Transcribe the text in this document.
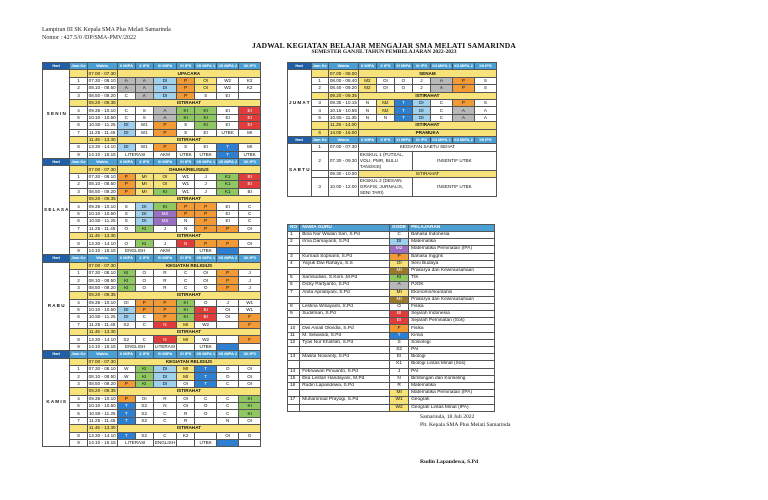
Lampiran III SK Kepala SMA Plus Melati Samarinda
Nomor : 427.5/0 /DP/SMA-PMV/2022
JADWAL KEGIATAN BELAJAR MENGAJAR SMA MELATI SAMARINDA
SEMESTER GANJIL TAHUN PEMBELAJARAN 2022-2023
Hari	Jam Ke	Waktu	X MIPA	X IPS	XI MIPA	XI IPS	XII MIPA 1	XII MIPA 2	XII IPS
S E N I N		07.00 - 07.30	UPACARA						
	1	07.30 - 08.10	A	A	DI	P	OI	W2	K2
	2	08.10 - 08.50	A	A	DI	P	OI	W2	K2
	3	08.50 - 09.20	C	A	DI	P	S	EI	
		09.20 - 09.35	ISTIRAHAT						
	4	09.35 - 10.10	C	S	A	KI	KI	EI	EI
	5	10.10 - 10.50	C	S	A	KI	KI	EI	EI
	6	10.50 - 11.25	DI	W1	P	S	KI	EI	EI
	7	11.25 - 11.45	DI	W1	P	S	EI	UTBK	MI
		11.45 - 13.30	ISTIRAHAT						
	8	13.30 - 14.10	DI	W1	P	S	EI	T	MI
	9	14.10 - 15.15	LITERASI		AKM	UTBK	UTBK	T	UTBK
Hari	Jam Ke	Waktu	X MIPA	X IPS	XI MIPA	XI IPS	XII MIPA 1	XII MIPA 2	XII IPS
S E L A S A		07.00 - 07.30	DHUHA/RELIGIUS						
	1	07.30 - 08.10	P	MI	OI	W1	J	K1	BI
	2	08.10 - 08.50	P	MI	OI	W1	J	K1	BI
	3	08.50 - 09.20	P	MI	KI	W1	J	K1	BI
		09.20 - 09.35	ISTIRAHAT						
	4	09.35 - 10.10	S	DI	KI	P	P	EI	C
	5	10.10 - 10.50	S	DI	M2	P	P	EI	C
	6	10.50 - 11.25	S	DI	M2	N	P	EI	C
	7	11.25 - 11.45	O	KI	J	N	P	P	OI
		11.45 - 13.30	ISTIRAHAT						
	8	13.30 - 14.10	O	KI	J	N	P	P	OI
	9	14.10 - 15.15	ENGLISH		AKM		UTBK		
Hari	Jam Ke	Waktu	X MIPA	X IPS	XI MIPA	XI IPS	XII MIPA 1	XII MIPA 2	XII IPS
R A B U		07.00 - 07.30	KEGIATAN RELIGIUS						
	1	07.30 - 08.10	KI	O	R	C	OI	P	J
	2	08.10 - 08.50	KI	O	R	C	OI	P	J
	3	08.50 - 09.20	KI	O	R	C	O	P	J
		09.20 - 09.35	ISTIRAHAT						
	4	09.35 - 10.10	OI	P	P	KI	O	J	W1
	5	10.10 - 10.50	DI	P	P	KI	BI	OI	W1
	6	10.50 - 11.25	DI	C	P	KI	BI	OI	F
	7	11.25 - 11.45	S2	C	N	MI	W2		F
		11.45 - 13.30	ISTIRAHAT						
	8	13.30 - 14.10	S2	C	N	MI	W2		F
	9	14.10 - 15.15	ENGLISH		LITERASI		UTBK		
Hari	Jam Ke	Waktu	X MIPA	X IPS	XI MIPA	XI IPS	XII MIPA 1	XII MIPA 2	XII IPS
K A M I S		07.00 - 07.30	KEGIATAN RELIGIUS						
	1	07.30 - 08.10	W	KI	DI	MI	T	O	OI
	2	08.10 - 08.50	W	KI	DI	MI	T	O	OI
	3	08.50 - 09.20	P	KI	DI	OI	T	C	OI
		09.20 - 09.35	ISTIRAHAT						
	4	09.35 - 10.10	P	OI	R	OI	C	C	KI
	5	10.10 - 10.50	T	S2	N	OI	O	C	KI
	6	10.50 - 11.25	T	S2	C	R	O	C	KI
	7	11.25 - 11.45	T	S2	C	R		N	OI
		11.45 - 13.30	ISTIRAHAT						
	8	13.30 - 14.10	T	S2	C	K2		OI	O
	9	14.10 - 15.15	LITERASI		ENGLISH		UTBK		
Hari	Jam Ke	Waktu	X MIPA	X IPS	XI MIPA	XI IPS	XII MIPA 1	XII MIPA 2	XII IPS
J U M A T		07.00 - 08.00	SENAM						
	1	08.00 - 08.40	M2	OI	O	J	A	P	S
	2	08.40 - 09.20	M2	OI	O	J	A	P	S
		09.20 - 09.35	ISTIRAHAT						
	3	09.35 - 10.15	N	M2	T	DI	C	P	S
	4	10.15 - 10.55	N	M2	T	DI	C	A	A
	5	10.55 - 11.35	N	N	T	DI	C	A	A
		11.35 - 14.00	ISTIRAHAT						
	6	14.00 - 16.00	PRAMUKA						
Hari	Jam Ke	Waktu	X MIPA	X IPS	XI MIPA	XI IPS	XII MIPA 1	XII MIPA 2	XII IPS
S A B T U	1	07.00 - 07.30	KEGIATAN SABTU SEHAT						
	2	07.30 - 09.30	EKSKUL 1 (FUTSAL, VOLI, PMR, BULU TANGKIS)			INSENTIF UTBK			
		09.30 - 10.00	ISTIRAHAT						
	3	10.00 - 12.00	EKSKUL 2 (DESAIN GRAFIS, JURNALIS, SENI TARI)			INSENTIF UTBK			
NO	NAMA GURU	KODE	PELAJARAN
1	Bina Nur Wiulan Sari, S.Pd	C	Bahasa Indonesia
2	Irma Damayanti, S.Pd	DI	Matematika
		M2	Matematika Peminatan (IPA)
3	Kurnadi Soprianti, S.Pd	P	Bahasa Inggris
4	Yayuk Dwi Rahayu, S.S	OI	Seni Budaya
		MI	Prakarya dan Kewirausahaan
5	Samsudian, S.Kom.,M.Pd	KI	TIK
6	Dicky Partyanto, S.Pd	A	PJOK
7	Anita Apriatiyani, S.Pd	MI	Ekonomi/Akuntansi
		MI	Prakarya dan Kewirausahaan
8	Lestina Wisayanti, S.Pd	O	Fisika
9	Sudirman, S.Pd	BI	Sejarah Indonesia
		EI	Sejarah Peminatan (Sos)
10	Dwi Aniati Okvidia, S.Pd	F	Fisika
11	M. Siswandi, S.Pd	T	Kimia
12	Tyas Nur Kholifah, S.Pd	S	Sosiologi
		S2	PAI
13	Masita Novianty, S.Pd	EI	Biologi
		K1	Biologi Lintas Minat (Sos)
14	Febriawan Pinuanto, S.Pd	J	PAI
15	Eka Lestari Handayani, M.Pd	N	Bimbingan dan Konseling
16	Rudin Lapandewa, S.Pd	R	Matematika
		MI	Matematika Peminatan (IPA)
17	Muhammad Prayogi, S.Pd	W1	Geografi
		W2	Geografi Lintas Minat (IPA)
Samarinda, 18 Juli 2022
Plt. Kepala SMA Plus Melati Samarinda
Rudin Lapandewa, S.Pd
